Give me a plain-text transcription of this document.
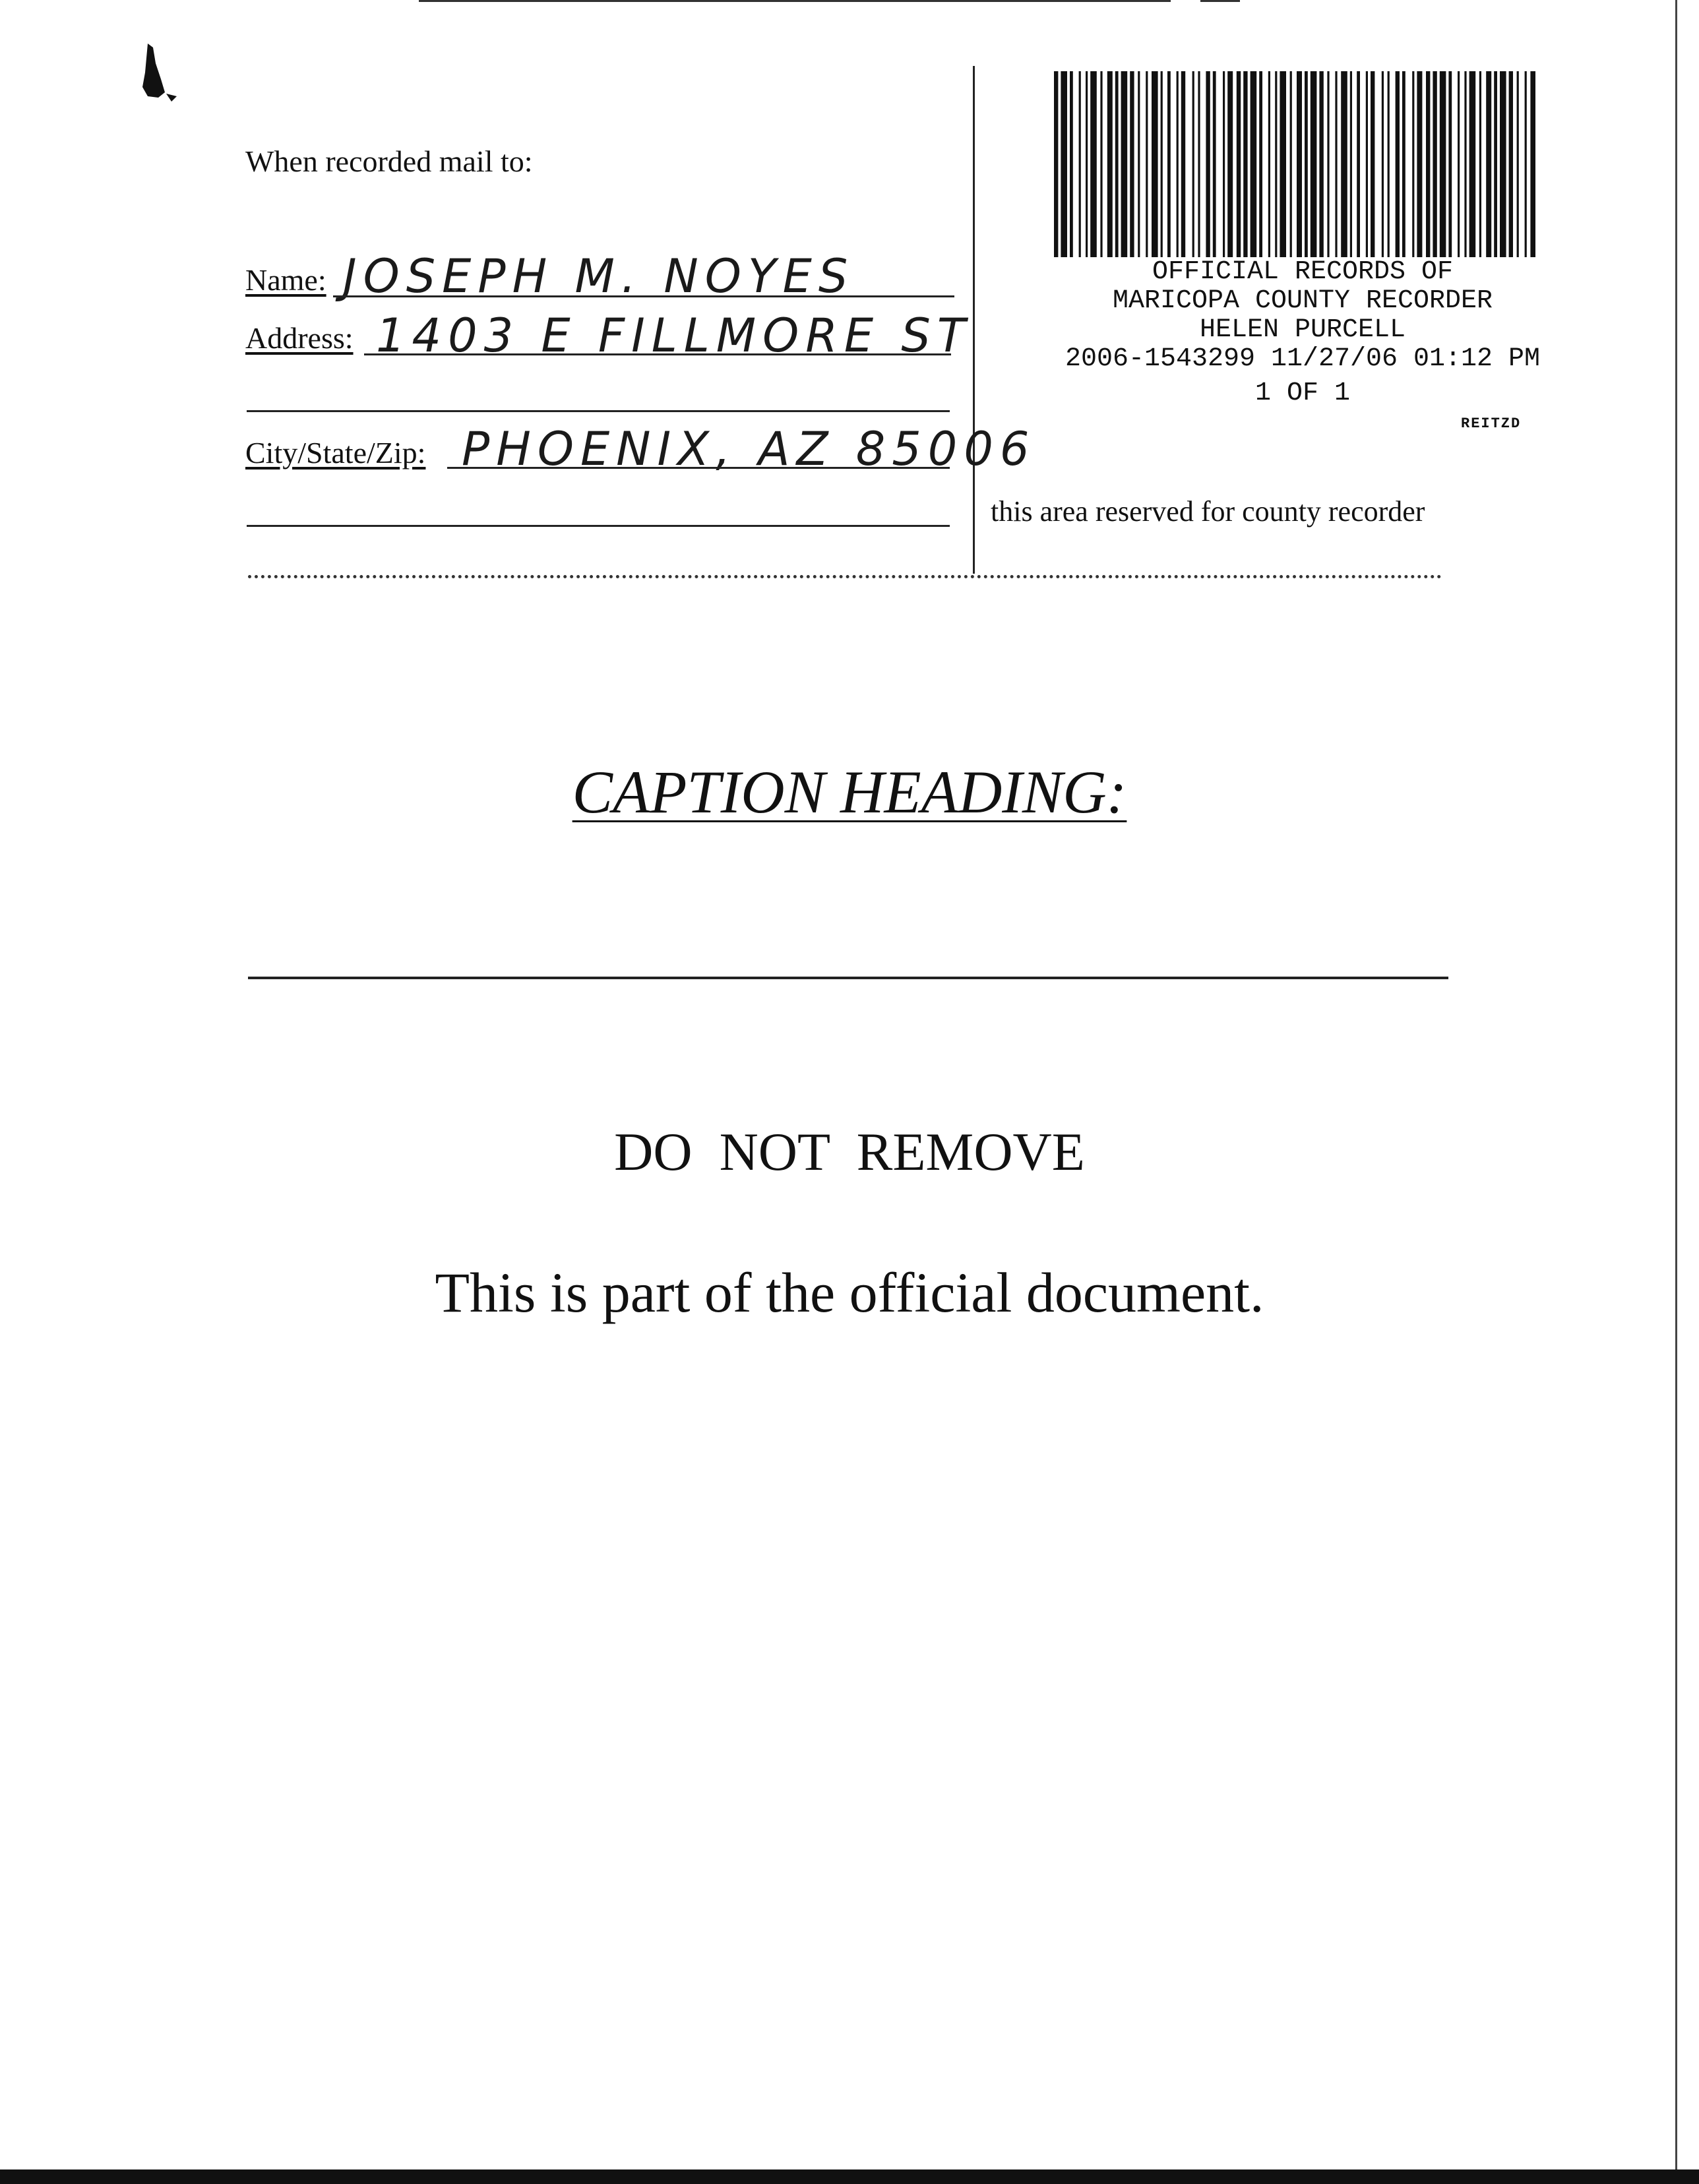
When recorded mail to:
Name: JOSEPH M. NOYES
Address: 1403 E FILLMORE ST
City/State/Zip: PHOENIX, AZ 85006
OFFICIAL RECORDS OF
MARICOPA COUNTY RECORDER
HELEN PURCELL
2006-1543299 11/27/06 01:12 PM
1 OF 1
REITZD
this area reserved for county recorder
CAPTION HEADING:
DO  NOT  REMOVE
This is part of the official document.
